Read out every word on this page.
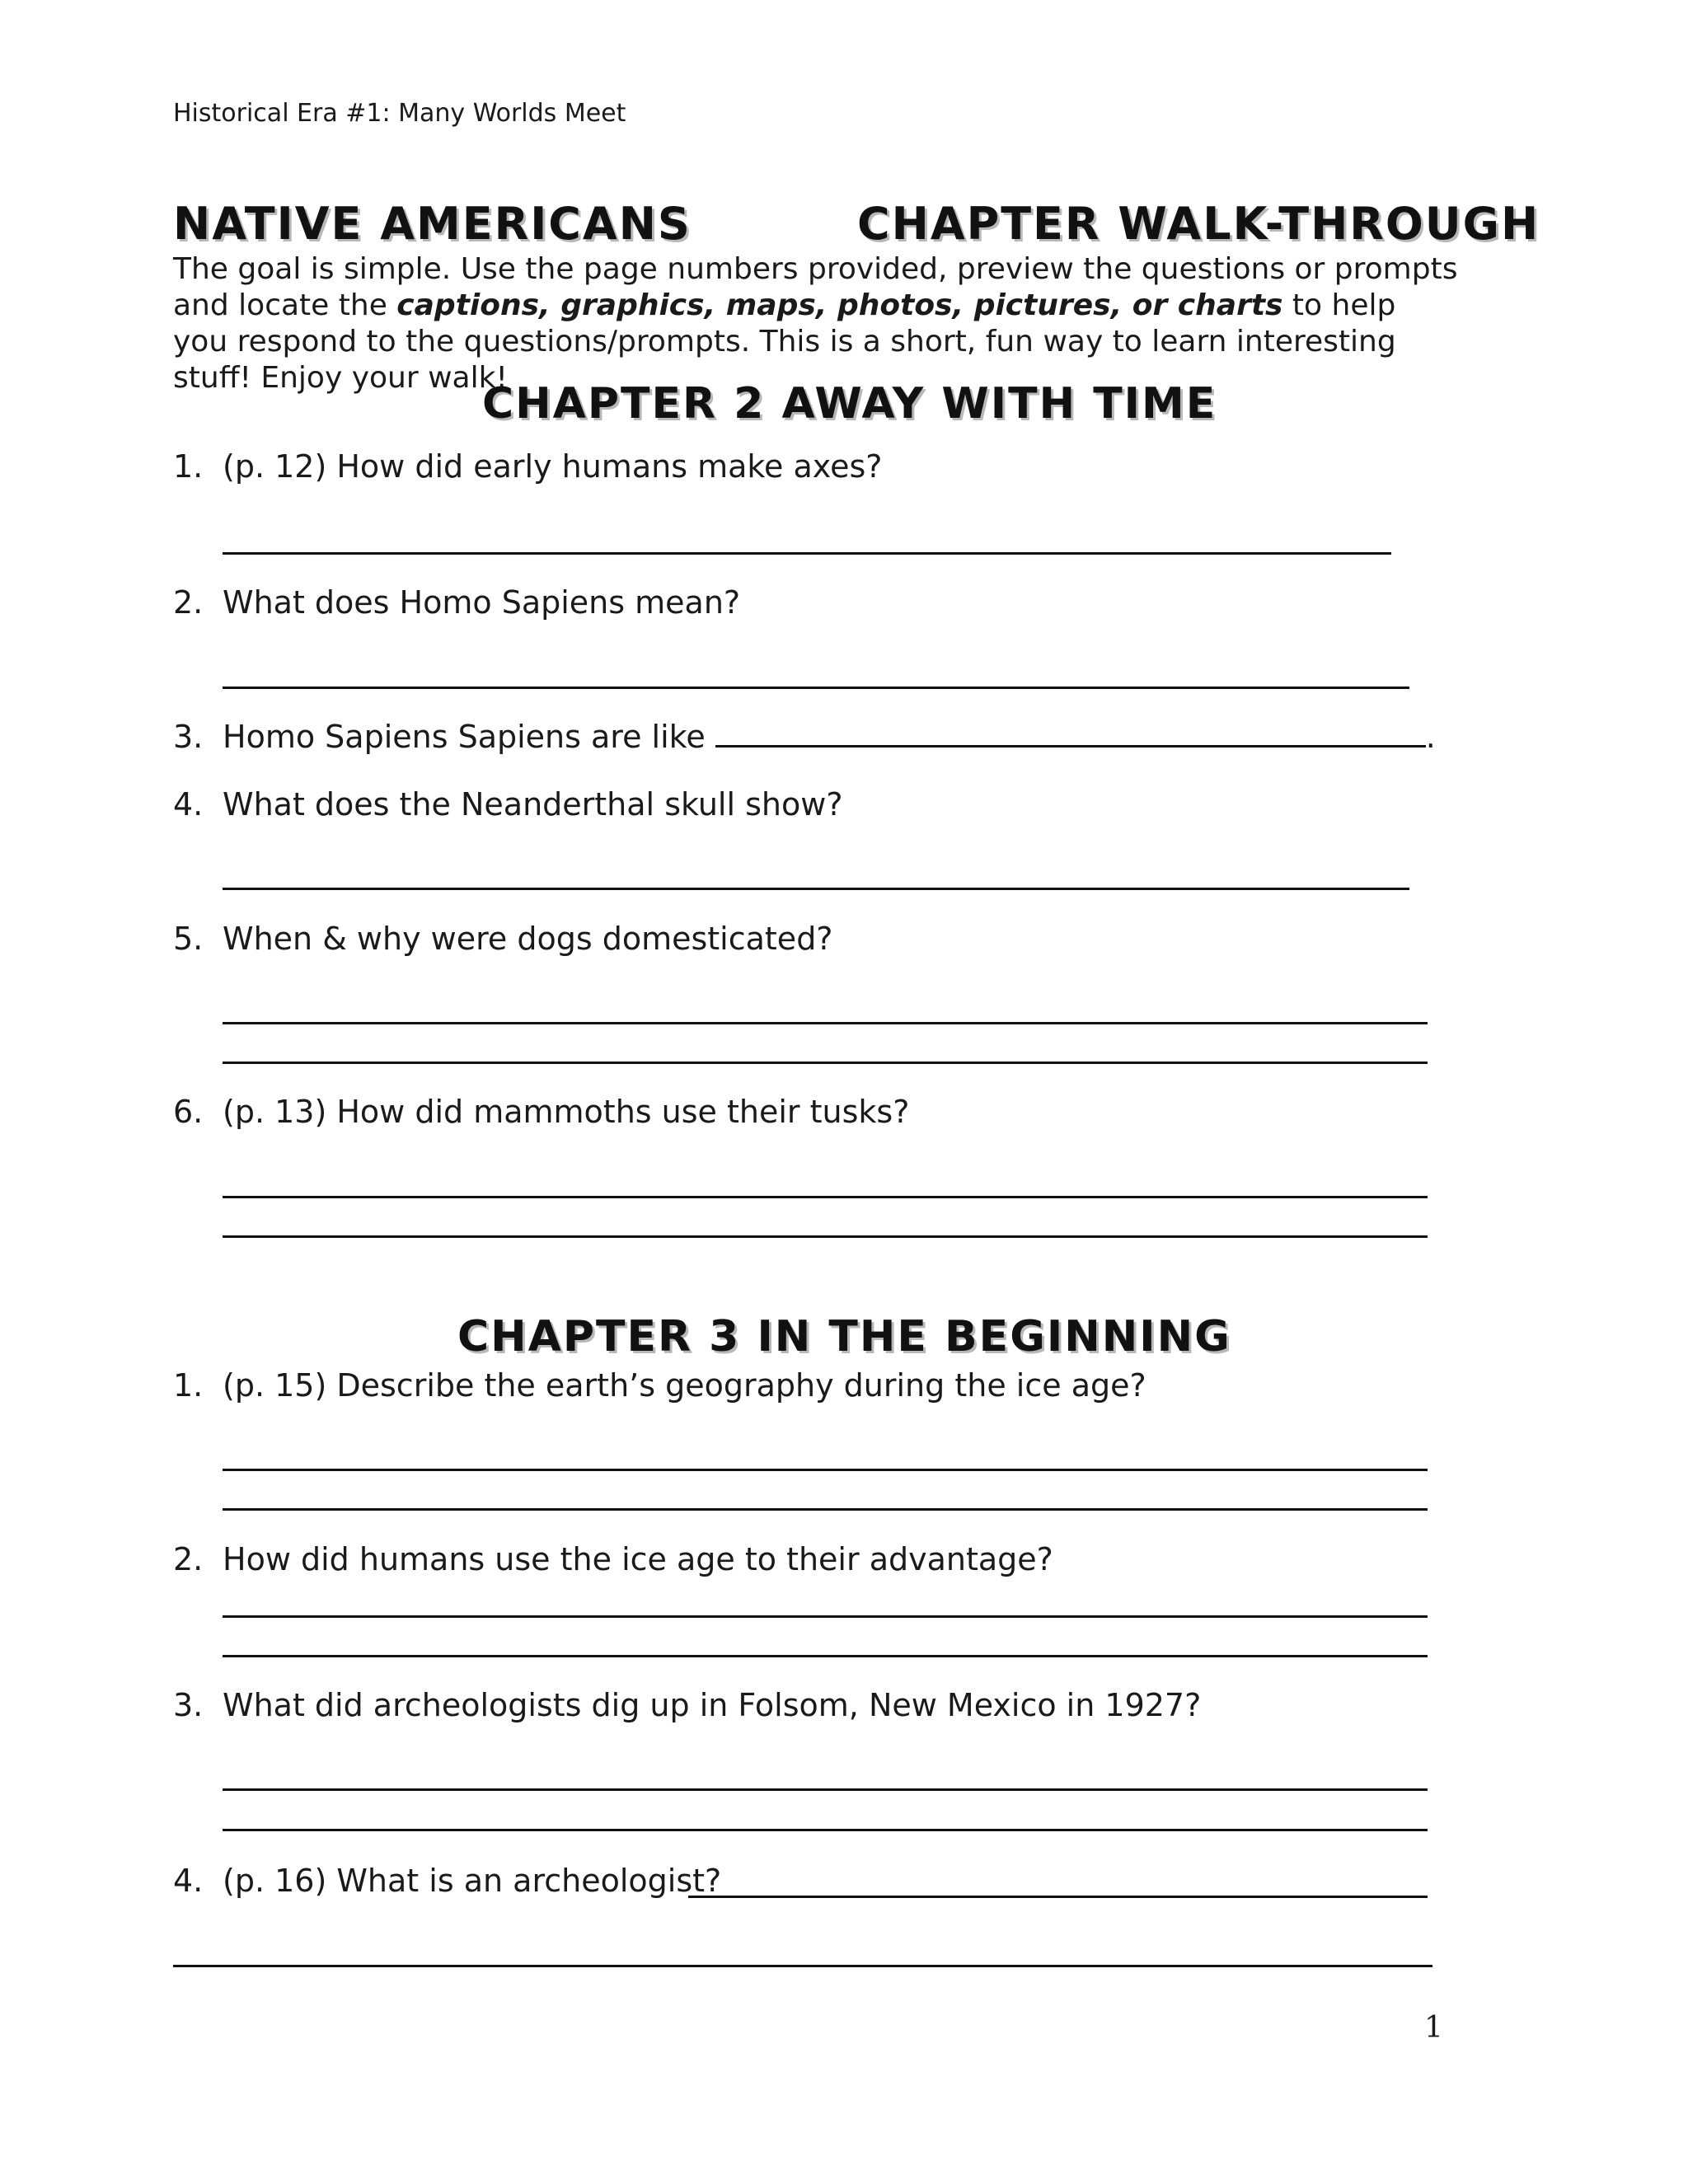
Historical Era #1: Many Worlds Meet
NATIVE AMERICANS	CHAPTER WALK-THROUGH
The goal is simple. Use the page numbers provided, preview the questions or prompts and locate the captions, graphics, maps, photos, pictures, or charts to help you respond to the questions/prompts. This is a short, fun way to learn interesting stuff! Enjoy your walk!
CHAPTER 2 AWAY WITH TIME
1. (p. 12) How did early humans make axes?
2. What does Homo Sapiens mean?
3. Homo Sapiens Sapiens are like	.
4. What does the Neanderthal skull show?
5. When & why were dogs domesticated?
6. (p. 13) How did mammoths use their tusks?
CHAPTER 3 IN THE BEGINNING
1. (p. 15) Describe the earth’s geography during the ice age?
2. How did humans use the ice age to their advantage?
3. What did archeologists dig up in Folsom, New Mexico in 1927?
4. (p. 16) What is an archeologist?
1
